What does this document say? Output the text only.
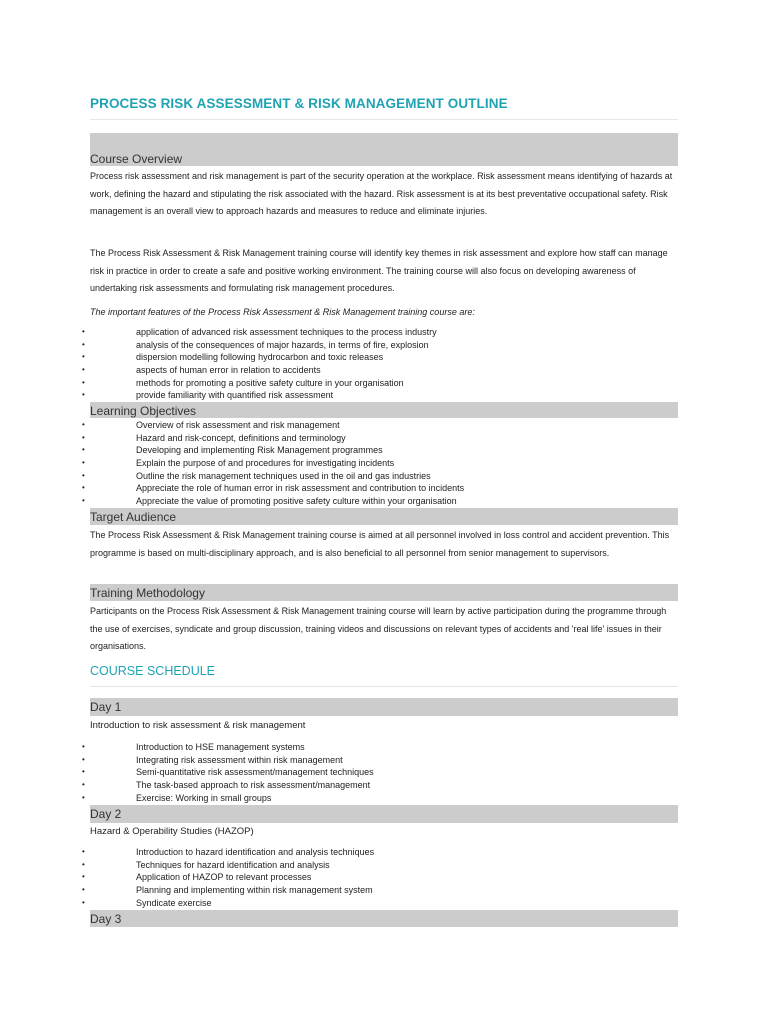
PROCESS RISK ASSESSMENT & RISK MANAGEMENT OUTLINE
Course Overview
Process risk assessment and risk management is part of the security operation at the workplace. Risk assessment means identifying of hazards at work, defining the hazard and stipulating the risk associated with the hazard. Risk assessment is at its best preventative occupational safety. Risk management is an overall view to approach hazards and measures to reduce and eliminate injuries.
The Process Risk Assessment & Risk Management training course will identify key themes in risk assessment and explore how staff can manage risk in practice in order to create a safe and positive working environment. The training course will also focus on developing awareness of undertaking risk assessments and formulating risk management procedures.
The important features of the Process Risk Assessment & Risk Management training course are:
•	application of advanced risk assessment techniques to the process industry
•	analysis of the consequences of major hazards, in terms of fire, explosion
•	dispersion modelling following hydrocarbon and toxic releases
•	aspects of human error in relation to accidents
•	methods for promoting a positive safety culture in your organisation
•	provide familiarity with quantified risk assessment
Learning Objectives
•	Overview of risk assessment and risk management
•	Hazard and risk-concept, definitions and terminology
•	Developing and implementing Risk Management programmes
•	Explain the purpose of and procedures for investigating incidents
•	Outline the risk management techniques used in the oil and gas industries
•	Appreciate the role of human error in risk assessment and contribution to incidents
•	Appreciate the value of promoting positive safety culture within your organisation
Target Audience
The Process Risk Assessment & Risk Management training course is aimed at all personnel involved in loss control and accident prevention. This programme is based on multi-disciplinary approach, and is also beneficial to all personnel from senior management to supervisors.
Training Methodology
Participants on the Process Risk Assessment & Risk Management training course will learn by active participation during the programme through the use of exercises, syndicate and group discussion, training videos and discussions on relevant types of accidents and 'real life' issues in their organisations.
COURSE SCHEDULE
Day 1
Introduction to risk assessment & risk management
•	Introduction to HSE management systems
•	Integrating risk assessment within risk management
•	Semi-quantitative risk assessment/management techniques
•	The task-based approach to risk assessment/management
•	Exercise: Working in small groups
Day 2
Hazard & Operability Studies (HAZOP)
•	Introduction to hazard identification and analysis techniques
•	Techniques for hazard identification and analysis
•	Application of HAZOP to relevant processes
•	Planning and implementing within risk management system
•	Syndicate exercise
Day 3
